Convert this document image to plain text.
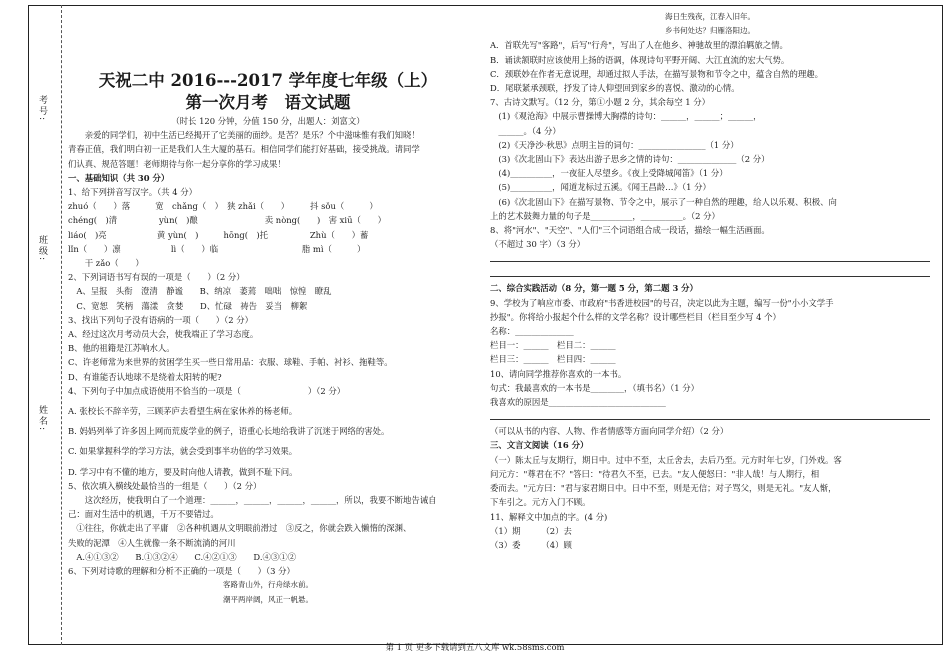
考号:
班级:
姓名:
天祝二中 2016---2017 学年度七年级（上）
第一次月考　语文试题
（时长 120 分钟，分值 150 分，出题人：刘富文）

　　亲爱的同学们，初中生活已经揭开了它美丽的面纱。是苦？是乐？个中滋味惟有我们知晓！

青春正值，我们明白初一正是我们人生大厦的基石。相信同学们能打好基础，接受挑战。请同学

们认真、规范答题！老师期待与你一起分享你的学习成果！

一、基础知识（共 30 分）

1、给下列拼音写汉字。（共 4 分）

zhuó（　　）落　　　宽　chǎng（　）　狭 zhǎi（　　）　　　抖 sǒu（　　　）

chéng(　)清　　　　　yùn(　)酿　　　　　　　　卖 nòng(　　)　害 xiū（　　）

liáo(　)亮　　　　　　黄 yùn(　)　　　hōng(　)托　　　　　Zhù（　　）蓄

lǐn（　　）凛　　　　　　lì（　　）临　　　　　　　　　　脂 mì（　　　）

　　干 zǎo（　　）

2、下列词语书写有误的一项是（　　）（2 分）

　A、呈报　头衔　澄清　静谧　　B、纳凉　萎蔫　咄咄　惊惶　瞭乱

　C、宽恕　笑柄　蕩漾　贪婪　　D、忙碌　祷告　妥当　柳絮

3、找出下列句子没有语病的一项（　　）（2 分）

A、经过这次月考动员大会，使我端正了学习态度。

B、他的祖籍是江苏响水人。

C、许老师常为来世界的贫困学生买一些日常用品：衣服、球鞋、手帕、衬衫、拖鞋等。

D、有谁能否认地球不是绕着太阳转的呢?

4、下列句子中加点成语使用不恰当的一项是（　　　　　　　　）（2 分）

A. 张校长不辞辛劳，三顾茅庐去看望生病在家休养的杨老师。

B. 妈妈列举了许多因上网而荒废学业的例子，语重心长地给我讲了沉迷于网络的害处。

C. 如果掌握科学的学习方法，就会受到事半功倍的学习效果。

D. 学习中有不懂的地方，要及时向他人请教，做到不耻下问。

5、依次填入横线处最恰当的一组是（　　）（2 分）

　　这次经历，使我明白了一个道理：______，______，______，______，所以，我要不断地告诫自

己：面对生活中的机遇，千万不要错过。

　①往往，你就走出了平庸　②各种机遇从文明眼前滑过　③反之，你就会跌入懒惰的深渊、

失败的泥潭　④人生就像一条不断流淌的河川

　A.④①③②　　B.①③②④　　C.④②①③　　D.④③①②

6、下列对诗歌的理解和分析不正确的一项是（　　）（3 分）

客路青山外，行舟绿水前。

潮平两岸阔，风正一帆悬。

海日生残夜，江春入旧年。

乡书何处达？归雁洛阳边。

A．首联先写"客路"，后写"行舟"，写出了人在他乡、神驰故里的漂泊羁旅之情。

B．诵读颔联时应该使用上扬的语调，体现诗句平野开阔、大江直流的宏大气势。

C．颈联妙在作者无意说理，却通过拟人手法，在描写景物和节令之中，蕴含自然的理趣。

D．尾联紧承颈联，抒发了诗人仰望回到家乡的喜悦、激动的心情。

7、古诗文默写。（12 分，第①小题 2 分，其余每空 1 分）

　(1)《观沧海》中展示曹操博大胸襟的诗句：______，______；______，

　______。（4 分）

　(2)《天净沙·秋思》点明主旨的词句：________________（1 分）

　(3)《次北固山下》表达出游子思乡之情的诗句：______________（2 分）

　(4)__________，一夜征人尽望乡。《夜上受降城闻笛》（1 分）

　(5)__________，闻道龙标过五溪。《闻王昌龄…》（1 分）

　(6)《次北固山下》在描写景物、节令之中，展示了一种自然的理趣，给人以乐观、积极、向

上的艺术鼓舞力量的句子是__________，__________。（2 分）

8、将"河水"、"天空"、"人们"三个词语组合成一段话，描绘一幅生活画面。

（不超过 30 字）（3 分）

二、综合实践活动（8 分，第一题 5 分，第二题 3 分）

9、学校为了响应市委、市政府"书香进校园"的号召，决定以此为主题，编写一份"小小文学手

抄报"。你将给小报起个什么样的文学名称？设计哪些栏目（栏目至少写 4 个）

名称：______________

栏目一：______　栏目二：______

栏目三：______　栏目四：______

10、请向同学推荐你喜欢的一本书。

句式：我最喜欢的一本书是________，（填书名）（1 分）

我喜欢的原因是____________________________

（可以从书的内容、人物、作者情感等方面向同学介绍）（2 分）

三、文言文阅读（16 分）

（一）陈太丘与友期行，期日中。过中不至，太丘舍去，去后乃至。元方时年七岁，门外戏。客

问元方："尊君在不？"答曰："待君久不至，已去。"友人便怒曰："非人哉！与人期行，相

委而去。"元方曰："君与家君期日中。日中不至，则是无信；对子骂父，则是无礼。"友人惭，

下车引之。元方入门不顾。

11、解释文中加点的字。(4 分)

（1）期　　　（2）去

（3）委　　　（4）顾

第 1 页 更多下载请到五八文库 wk.58sms.com
